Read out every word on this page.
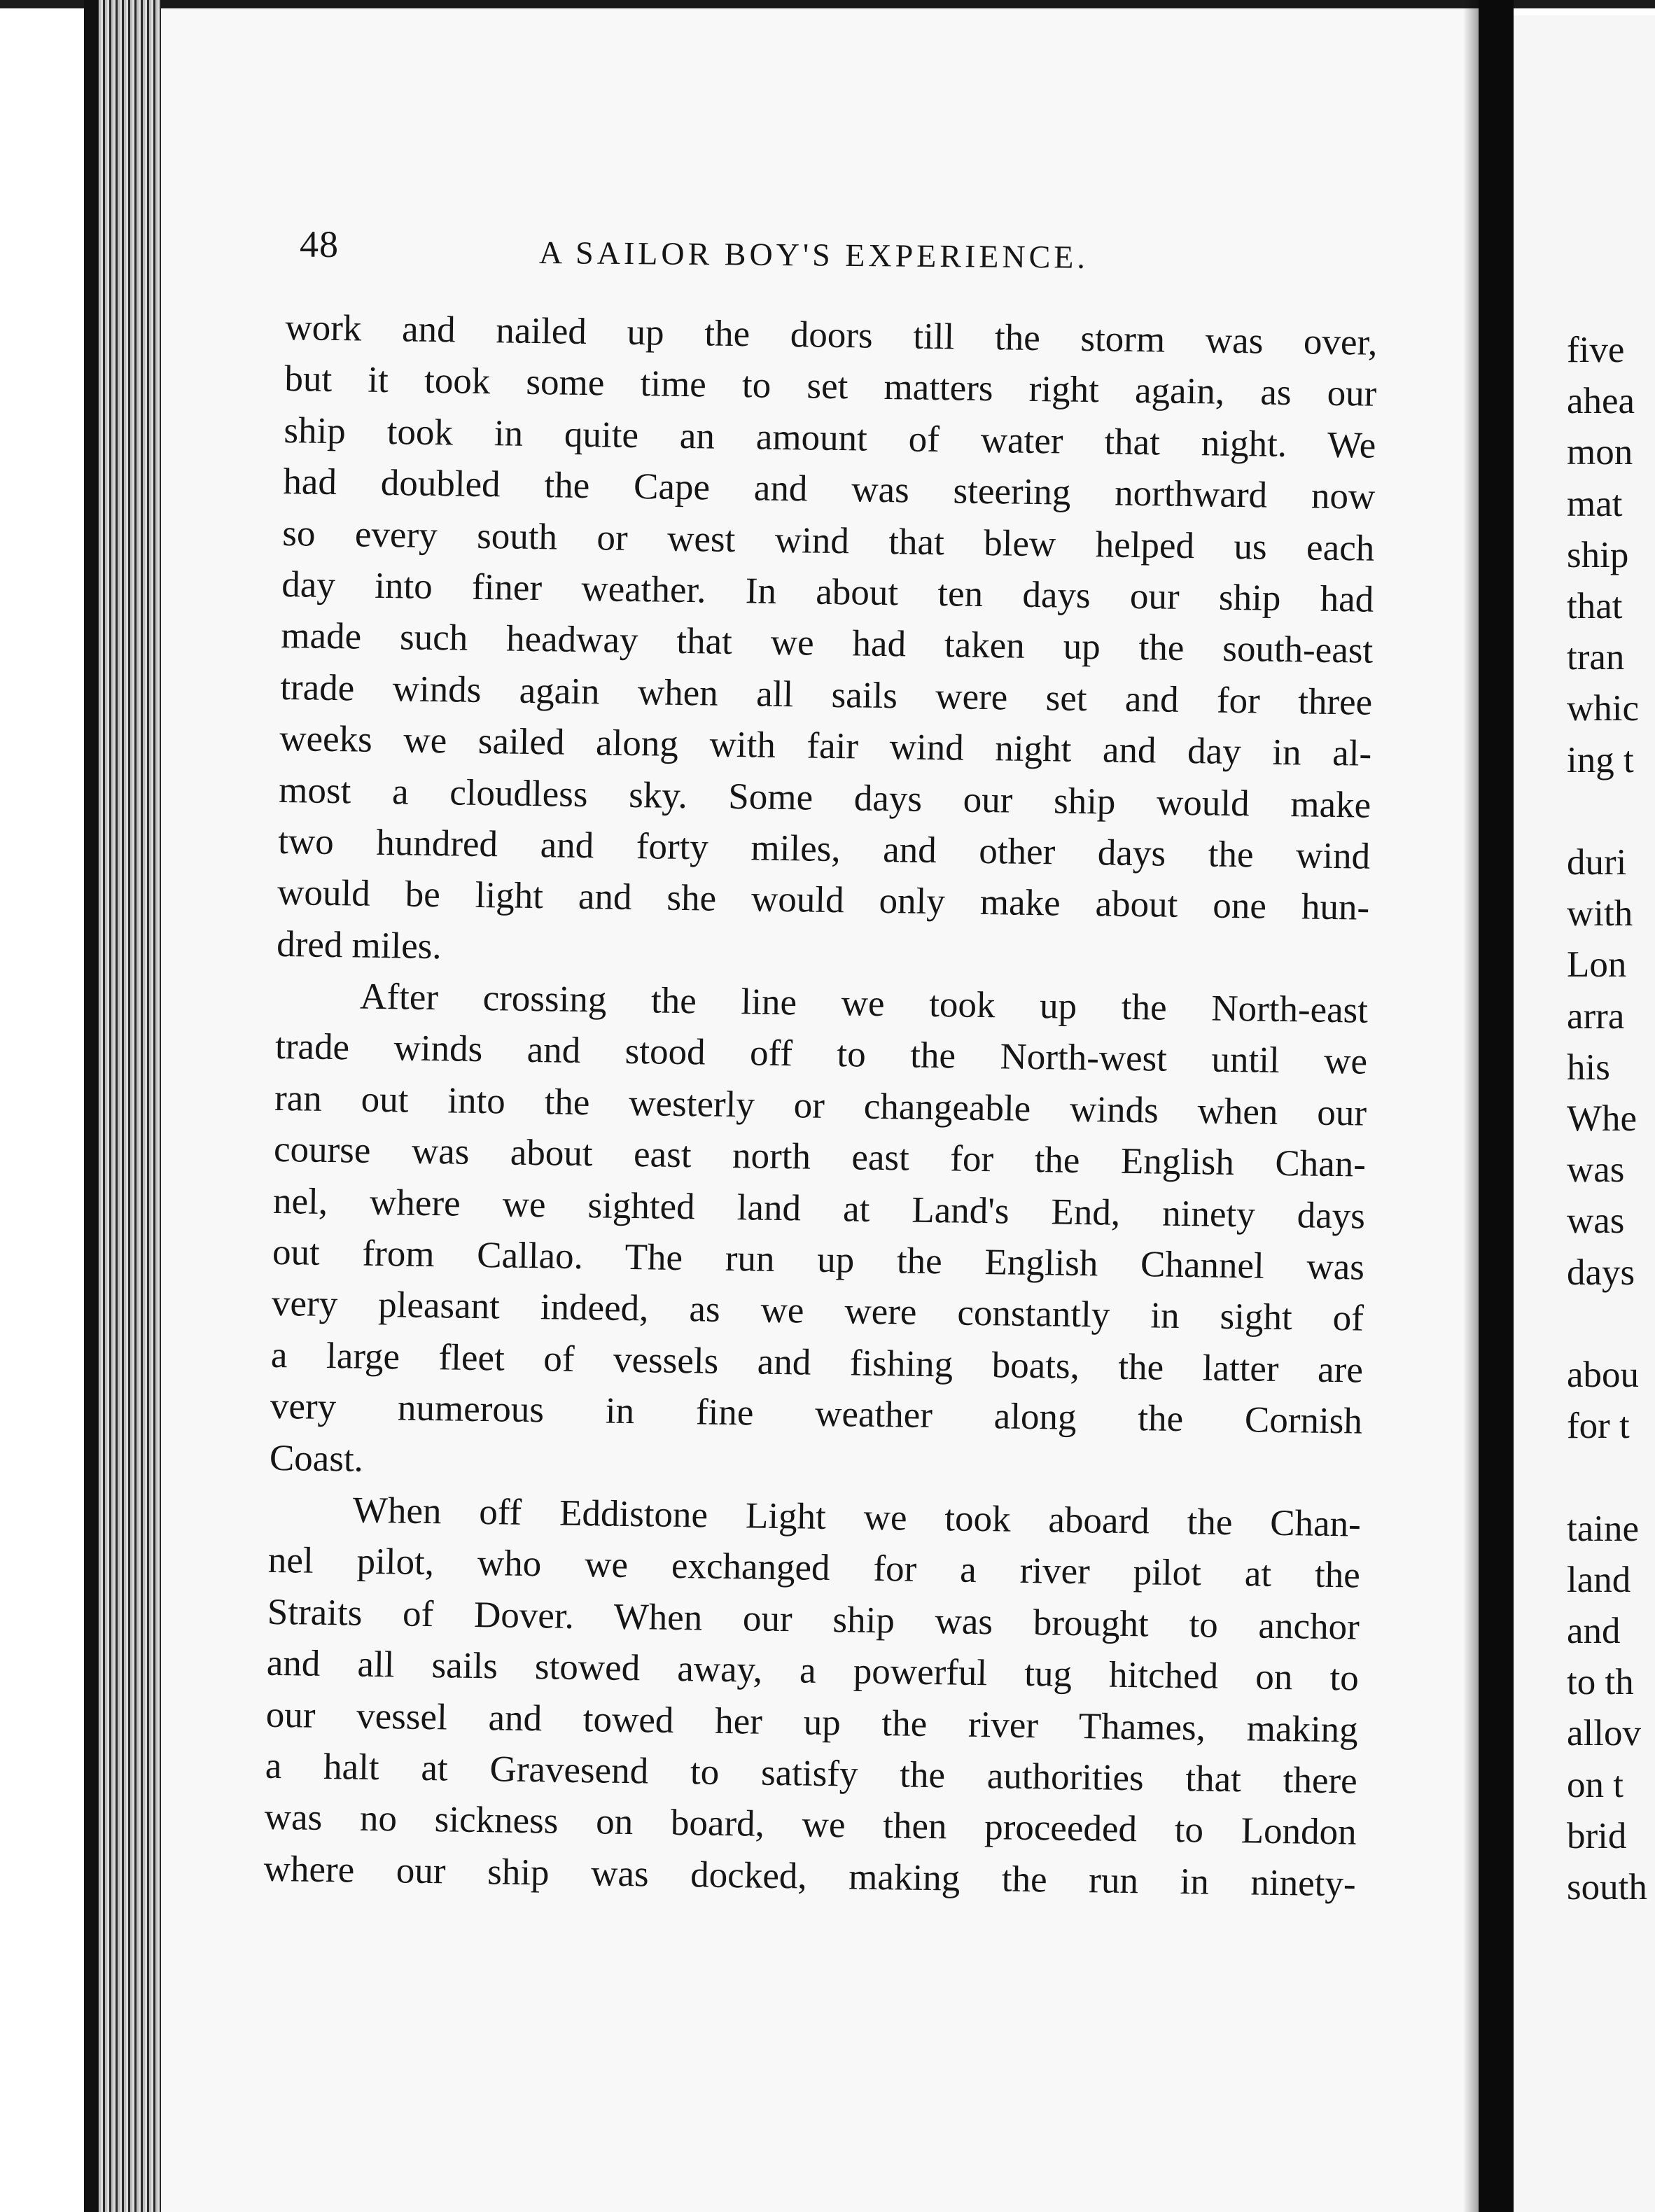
48	A SAILOR BOY'S EXPERIENCE.
work and nailed up the doors till the storm was over,
but it took some time to set matters right again, as our
ship took in quite an amount of water that night. We
had doubled the Cape and was steering northward now
so every south or west wind that blew helped us each
day into finer weather. In about ten days our ship had
made such headway that we had taken up the south-east
trade winds again when all sails were set and for three
weeks we sailed along with fair wind night and day in al-
most a cloudless sky. Some days our ship would make
two hundred and forty miles, and other days the wind
would be light and she would only make about one hun-
dred miles.
After crossing the line we took up the North-east
trade winds and stood off to the North-west until we
ran out into the westerly or changeable winds when our
course was about east north east for the English Chan-
nel, where we sighted land at Land's End, ninety days
out from Callao. The run up the English Channel was
very pleasant indeed, as we were constantly in sight of
a large fleet of vessels and fishing boats, the latter are
very numerous in fine weather along the Cornish
Coast.
When off Eddistone Light we took aboard the Chan-
nel pilot, who we exchanged for a river pilot at the
Straits of Dover. When our ship was brought to anchor
and all sails stowed away, a powerful tug hitched on to
our vessel and towed her up the river Thames, making
a halt at Gravesend to satisfy the authorities that there
was no sickness on board, we then proceeded to London
where our ship was docked, making the run in ninety-
five
ahea
mon
mat
ship
that
tran
whic
ing t
duri
with
Lon
arra
his
Whe
was
was
days
abou
for t
taine
land
and
to th
allov
on t
brid
south
